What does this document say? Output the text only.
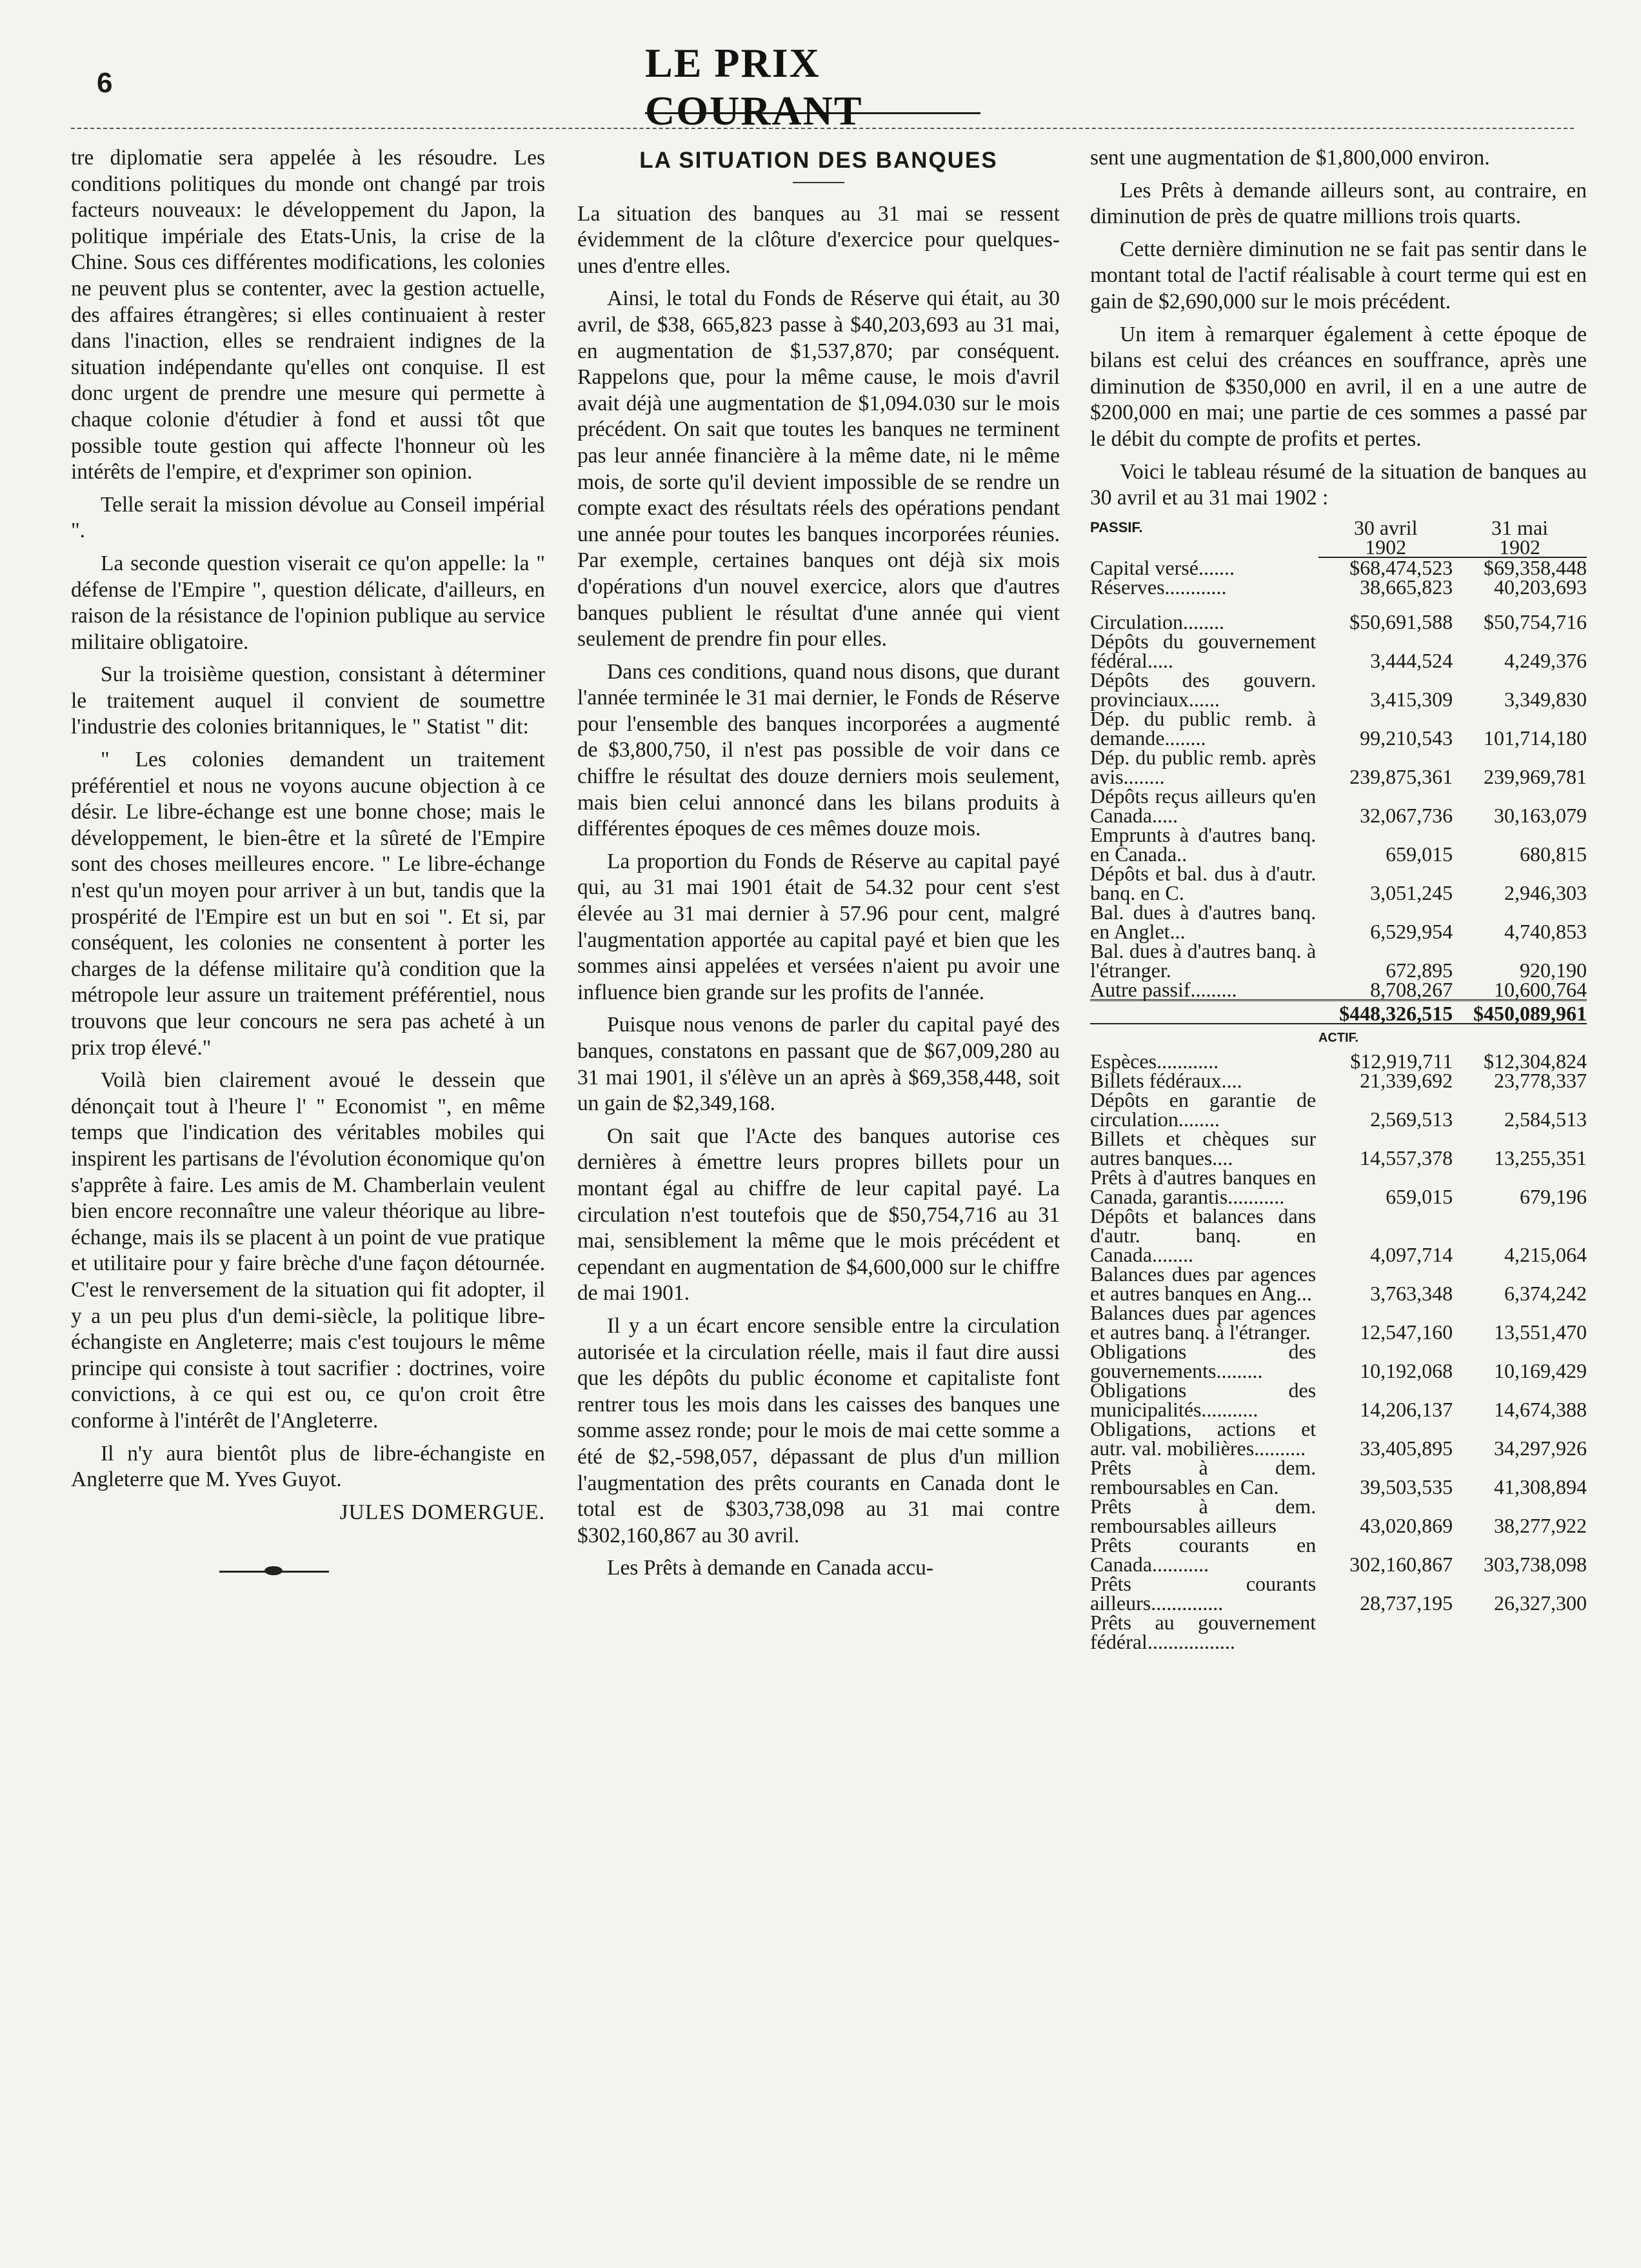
6	LE PRIX COURANT

tre diplomatie sera appelée à les résoudre. Les conditions politiques du monde ont changé par trois facteurs nouveaux: le développement du Japon, la politique impériale des Etats-Unis, la crise de la Chine. Sous ces différentes modifications, les colonies ne peuvent plus se contenter, avec la gestion actuelle, des affaires étrangères; si elles continuaient à rester dans l'inaction, elles se rendraient indignes de la situation indépendante qu'elles ont conquise. Il est donc urgent de prendre une mesure qui permette à chaque colonie d'étudier à fond et aussi tôt que possible toute gestion qui affecte l'honneur où les intérêts de l'empire, et d'exprimer son opinion.

Telle serait la mission dévolue au Conseil impérial ".

La seconde question viserait ce qu'on appelle: la " défense de l'Empire ", question délicate, d'ailleurs, en raison de la résistance de l'opinion publique au service militaire obligatoire.

Sur la troisième question, consistant à déterminer le traitement auquel il convient de soumettre l'industrie des colonies britanniques, le " Statist " dit:

" Les colonies demandent un traitement préférentiel et nous ne voyons aucune objection à ce désir. Le libre-échange est une bonne chose; mais le développement, le bien-être et la sûreté de l'Empire sont des choses meilleures encore. " Le libre-échange n'est qu'un moyen pour arriver à un but, tandis que la prospérité de l'Empire est un but en soi ". Et si, par conséquent, les colonies ne consentent à porter les charges de la défense militaire qu'à condition que la métropole leur assure un traitement préférentiel, nous trouvons que leur concours ne sera pas acheté à un prix trop élevé."

Voilà bien clairement avoué le dessein que dénonçait tout à l'heure l' " Economist ", en même temps que l'indication des véritables mobiles qui inspirent les partisans de l'évolution économique qu'on s'apprête à faire. Les amis de M. Chamberlain veulent bien encore reconnaître une valeur théorique au libre-échange, mais ils se placent à un point de vue pratique et utilitaire pour y faire brèche d'une façon détournée. C'est le renversement de la situation qui fit adopter, il y a un peu plus d'un demi-siècle, la politique libre-échangiste en Angleterre; mais c'est toujours le même principe qui consiste à tout sacrifier : doctrines, voire convictions, à ce qui est ou, ce qu'on croit être conforme à l'intérêt de l'Angleterre.

Il n'y aura bientôt plus de libre-échangiste en Angleterre que M. Yves Guyot.

JULES DOMERGUE.

LA SITUATION DES BANQUES

La situation des banques au 31 mai se ressent évidemment de la clôture d'exercice pour quelques-unes d'entre elles.

Ainsi, le total du Fonds de Réserve qui était, au 30 avril, de $38, 665,823 passe à $40,203,693 au 31 mai, en augmentation de $1,537,870; par conséquent. Rappelons que, pour la même cause, le mois d'avril avait déjà une augmentation de $1,094.030 sur le mois précédent. On sait que toutes les banques ne terminent pas leur année financière à la même date, ni le même mois, de sorte qu'il devient impossible de se rendre un compte exact des résultats réels des opérations pendant une année pour toutes les banques incorporées réunies. Par exemple, certaines banques ont déjà six mois d'opérations d'un nouvel exercice, alors que d'autres banques publient le résultat d'une année qui vient seulement de prendre fin pour elles.

Dans ces conditions, quand nous disons, que durant l'année terminée le 31 mai dernier, le Fonds de Réserve pour l'ensemble des banques incorporées a augmenté de $3,800,750, il n'est pas possible de voir dans ce chiffre le résultat des douze derniers mois seulement, mais bien celui annoncé dans les bilans produits à différentes époques de ces mêmes douze mois.

La proportion du Fonds de Réserve au capital payé qui, au 31 mai 1901 était de 54.32 pour cent s'est élevée au 31 mai dernier à 57.96 pour cent, malgré l'augmentation apportée au capital payé et bien que les sommes ainsi appelées et versées n'aient pu avoir une influence bien grande sur les profits de l'année.

Puisque nous venons de parler du capital payé des banques, constatons en passant que de $67,009,280 au 31 mai 1901, il s'élève un an après à $69,358,448, soit un gain de $2,349,168.

On sait que l'Acte des banques autorise ces dernières à émettre leurs propres billets pour un montant égal au chiffre de leur capital payé. La circulation n'est toutefois que de $50,754,716 au 31 mai, sensiblement la même que le mois précédent et cependant en augmentation de $4,600,000 sur le chiffre de mai 1901.

Il y a un écart encore sensible entre la circulation autorisée et la circulation réelle, mais il faut dire aussi que les dépôts du public économe et capitaliste font rentrer tous les mois dans les caisses des banques une somme assez ronde; pour le mois de mai cette somme a été de $2,-598,057, dépassant de plus d'un million l'augmentation des prêts courants en Canada dont le total est de $303,738,098 au 31 mai contre $302,160,867 au 30 avril.

Les Prêts à demande en Canada accu-

sent une augmentation de $1,800,000 environ.

Les Prêts à demande ailleurs sont, au contraire, en diminution de près de quatre millions trois quarts.

Cette dernière diminution ne se fait pas sentir dans le montant total de l'actif réalisable à court terme qui est en gain de $2,690,000 sur le mois précédent.

Un item à remarquer également à cette époque de bilans est celui des créances en souffrance, après une diminution de $350,000 en avril, il en a une autre de $200,000 en mai; une partie de ces sommes a passé par le débit du compte de profits et pertes.

Voici le tableau résumé de la situation de banques au 30 avril et au 31 mai 1902 :

PASSIF.	30 avril	31 mai
	1902	1902
Capital versé.......	$68,474,523	$69,358,448
Réserves............	38,665,823	40,203,693

Circulation........	$50,691,588	$50,754,716
Dépôts du gouvernement fédéral.....	3,444,524	4,249,376
Dépôts des gouvern. provinciaux......	3,415,309	3,349,830
Dép. du public remb. à demande........	99,210,543	101,714,180
Dép. du public remb. après avis........	239,875,361	239,969,781
Dépôts reçus ailleurs qu'en Canada.....	32,067,736	30,163,079
Emprunts à d'autres banq. en Canada..	659,015	680,815
Dépôts et bal. dus à d'autr. banq. en C.	3,051,245	2,946,303
Bal. dues à d'autres banq. en Anglet...	6,529,954	4,740,853
Bal. dues à d'autres banq. à l'étranger.	672,895	920,190
Autre passif.........	8,708,267	10,600,764
	$448,326,515	$450,089,961
ACTIF.		
Espèces............	$12,919,711	$12,304,824
Billets fédéraux....	21,339,692	23,778,337
Dépôts en garantie de circulation........	2,569,513	2,584,513
Billets et chèques sur autres banques....	14,557,378	13,255,351
Prêts à d'autres banques en Canada, garantis...........	659,015	679,196
Dépôts et balances dans d'autr. banq. en Canada........	4,097,714	4,215,064
Balances dues par agences et autres banques en Ang...	3,763,348	6,374,242
Balances dues par agences et autres banq. à l'étranger.	12,547,160	13,551,470
Obligations des gouvernements.........	10,192,068	10,169,429
Obligations des municipalités...........	14,206,137	14,674,388
Obligations, actions et autr. val. mobilières..........	33,405,895	34,297,926
Prêts à dem. remboursables en Can.	39,503,535	41,308,894
Prêts à dem. remboursables ailleurs	43,020,869	38,277,922
Prêts courants en Canada...........	302,160,867	303,738,098
Prêts courants ailleurs..............	28,737,195	26,327,300
Prêts au gouvernement fédéral.................		
